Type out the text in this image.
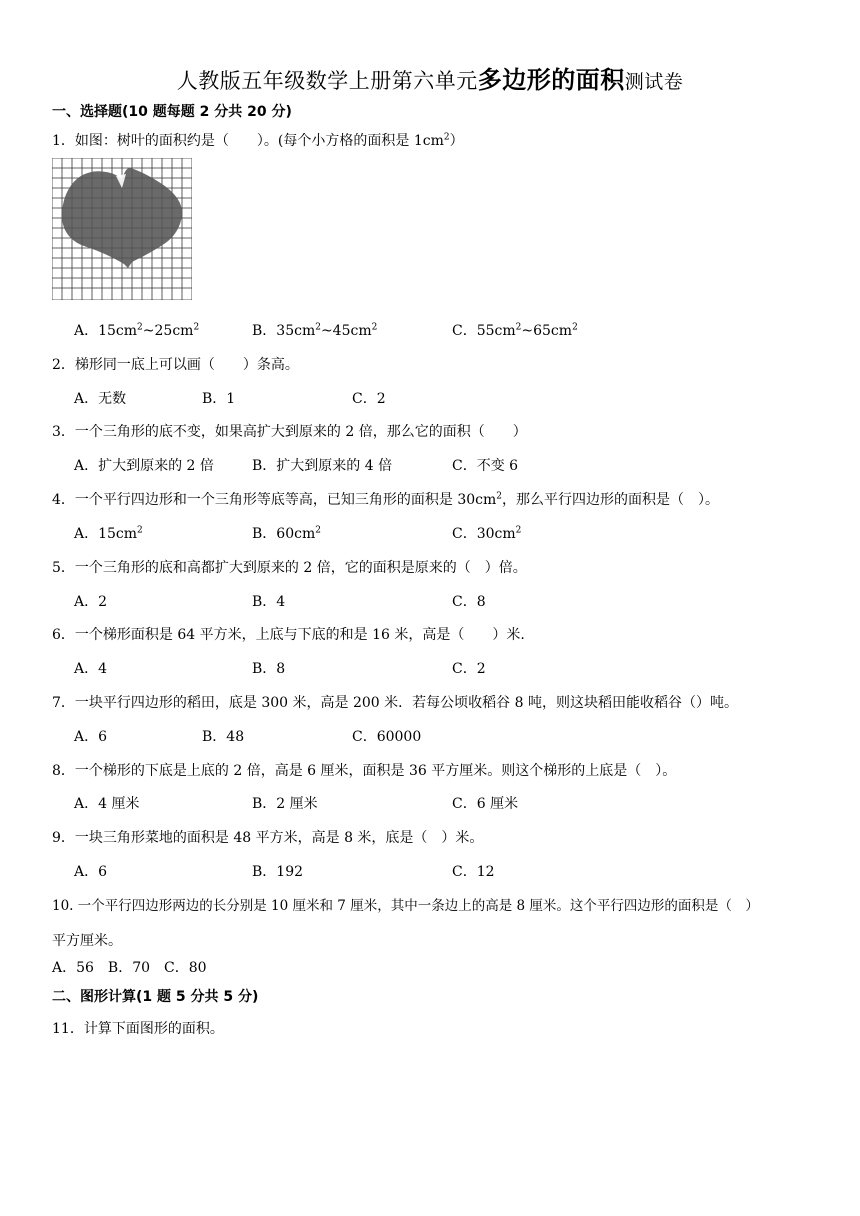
人教版五年级数学上册第六单元多边形的面积测试卷
一、选择题(10 题每题 2 分共 20 分)
1．如图：树叶的面积约是（　　）。(每个小方格的面积是 $1cm^2$）
A．$15cm^2\sim 25cm^2$	B．$35cm^2\sim 45cm^2$	C．$55cm^2\sim 65cm^2$
2．梯形同一底上可以画（　　）条高。
A．无数	B．1	C．2
3．一个三角形的底不变，如果高扩大到原来的 2 倍，那么它的面积（　　）
A．扩大到原来的 2 倍	B．扩大到原来的 4 倍	C．不变 6
4．一个平行四边形和一个三角形等底等高，已知三角形的面积是 $30cm^2$，那么平行四边形的面积是（　）。
A．$15cm^2$	B．$60cm^2$	C．$30cm^2$
5．一个三角形的底和高都扩大到原来的 2 倍，它的面积是原来的（　）倍。
A．2	B．4	C．8
6．一个梯形面积是 64 平方米，上底与下底的和是 16 米，高是（　　）米.
A．4	B．8	C．2
7．一块平行四边形的稻田，底是 300 米，高是 200 米．若每公顷收稻谷 8 吨，则这块稻田能收稻谷（）吨。
A．6	B．48	C．60000
8．一个梯形的下底是上底的 2 倍，高是 6 厘米，面积是 36 平方厘米。则这个梯形的上底是（　）。
A．4 厘米	B．2 厘米	C．6 厘米
9．一块三角形菜地的面积是 48 平方米，高是 8 米，底是（　）米。
A．6	B．192	C．12
10. 一个平行四边形两边的长分别是 10 厘米和 7 厘米，其中一条边上的高是 8 厘米。这个平行四边形的面积是（　）
平方厘米。
A．56　B．70　C．80
二、图形计算(1 题 5 分共 5 分)
11．计算下面图形的面积。
